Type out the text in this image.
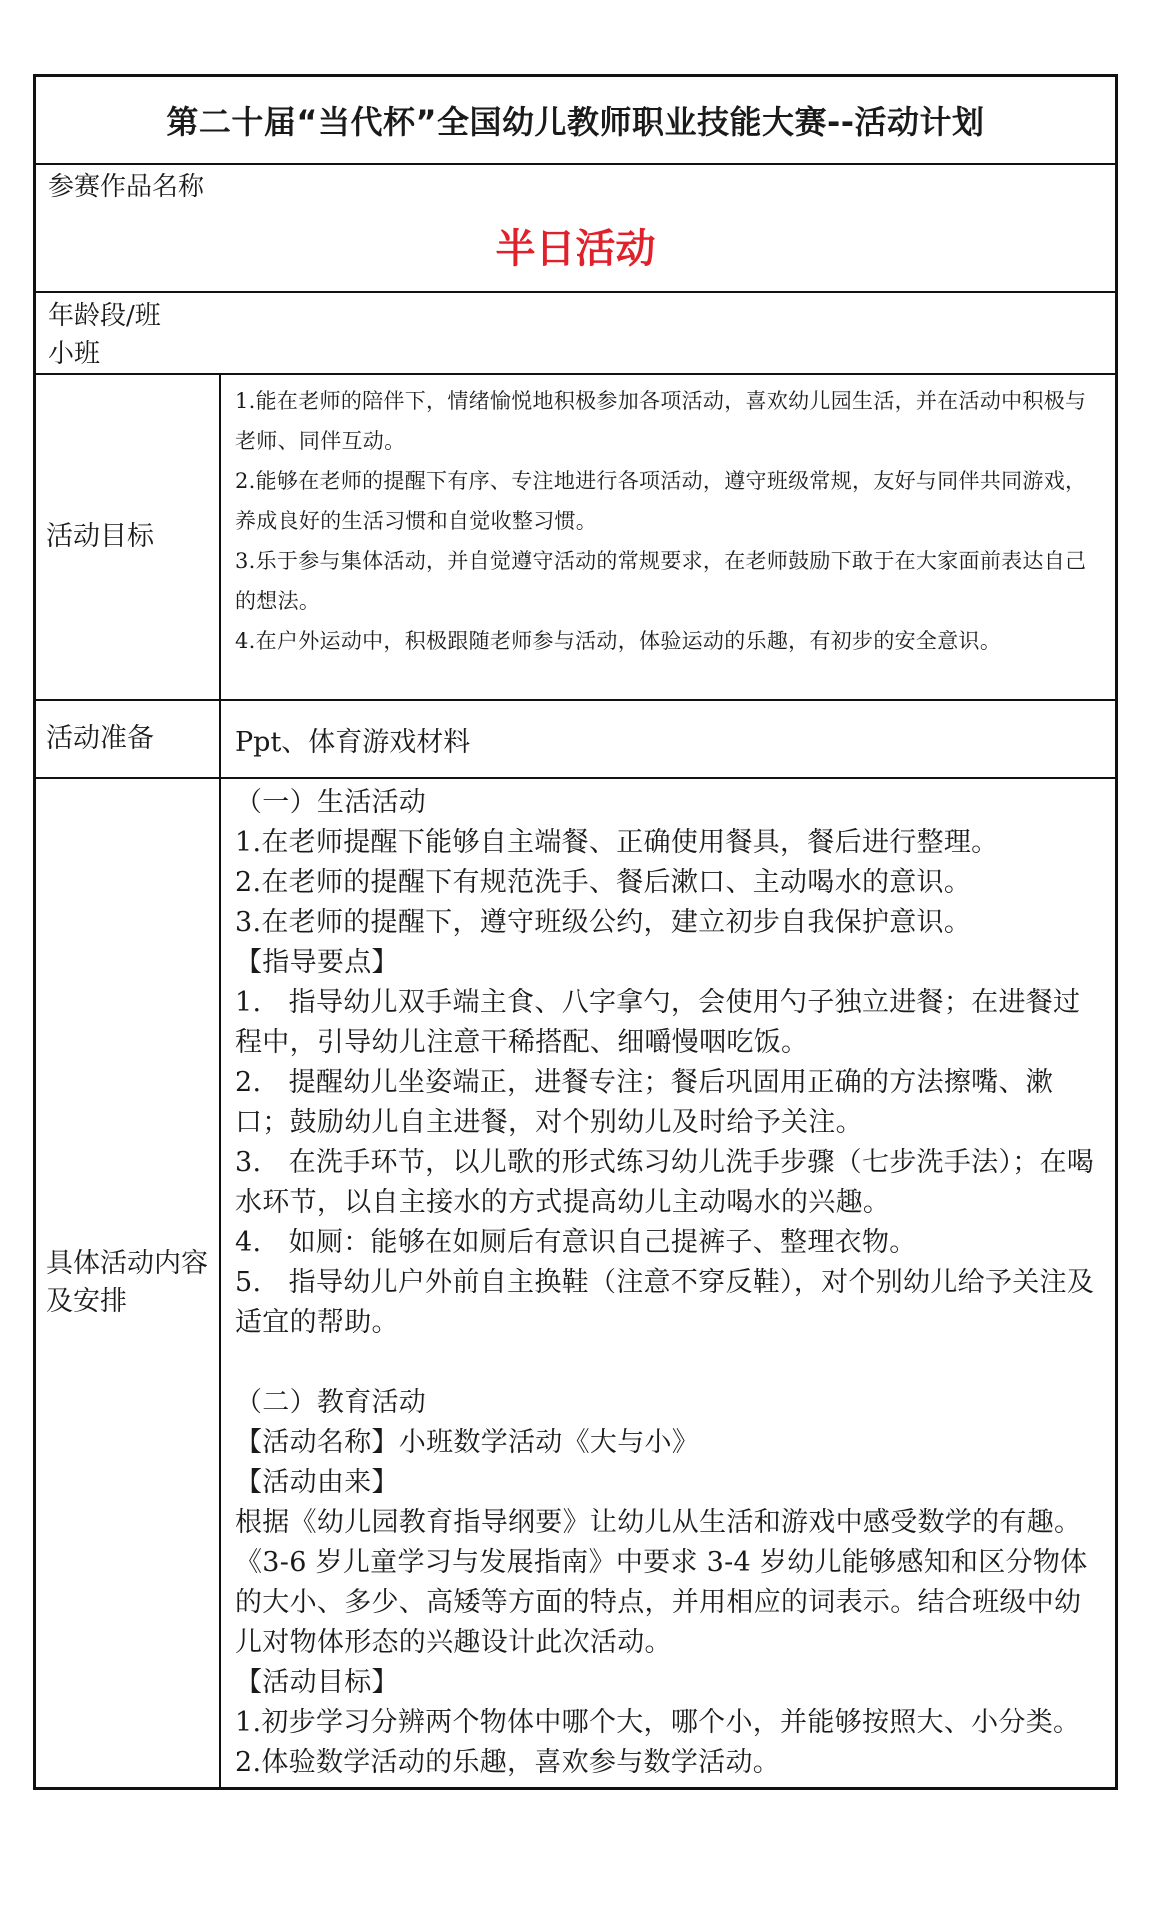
第二十届“当代杯”全国幼儿教师职业技能大赛--活动计划
参赛作品名称
半日活动
年龄段/班
小班
活动目标

1.能在老师的陪伴下，情绪愉悦地积极参加各项活动，喜欢幼儿园生活，并在活动中积极与老师、同伴互动。

2.能够在老师的提醒下有序、专注地进行各项活动，遵守班级常规，友好与同伴共同游戏，养成良好的生活习惯和自觉收整习惯。

3.乐于参与集体活动，并自觉遵守活动的常规要求，在老师鼓励下敢于在大家面前表达自己的想法。

4.在户外运动中，积极跟随老师参与活动，体验运动的乐趣，有初步的安全意识。

活动准备	Ppt、体育游戏材料
具体活动内容及安排

（一）生活活动

1.在老师提醒下能够自主端餐、正确使用餐具，餐后进行整理。

2.在老师的提醒下有规范洗手、餐后漱口、主动喝水的意识。

3.在老师的提醒下，遵守班级公约，建立初步自我保护意识。

【指导要点】

1.　指导幼儿双手端主食、八字拿勺，会使用勺子独立进餐；在进餐过程中，引导幼儿注意干稀搭配、细嚼慢咽吃饭。

2.　提醒幼儿坐姿端正，进餐专注；餐后巩固用正确的方法擦嘴、漱口；鼓励幼儿自主进餐，对个别幼儿及时给予关注。

3.　在洗手环节，以儿歌的形式练习幼儿洗手步骤（七步洗手法）；在喝水环节，以自主接水的方式提高幼儿主动喝水的兴趣。

4.　如厕：能够在如厕后有意识自己提裤子、整理衣物。

5.　指导幼儿户外前自主换鞋（注意不穿反鞋），对个别幼儿给予关注及适宜的帮助。

（二）教育活动

【活动名称】小班数学活动《大与小》

【活动由来】

根据《幼儿园教育指导纲要》让幼儿从生活和游戏中感受数学的有趣。《3-6 岁儿童学习与发展指南》中要求 3-4 岁幼儿能够感知和区分物体的大小、多少、高矮等方面的特点，并用相应的词表示。结合班级中幼儿对物体形态的兴趣设计此次活动。

【活动目标】

1.初步学习分辨两个物体中哪个大，哪个小，并能够按照大、小分类。

2.体验数学活动的乐趣，喜欢参与数学活动。
